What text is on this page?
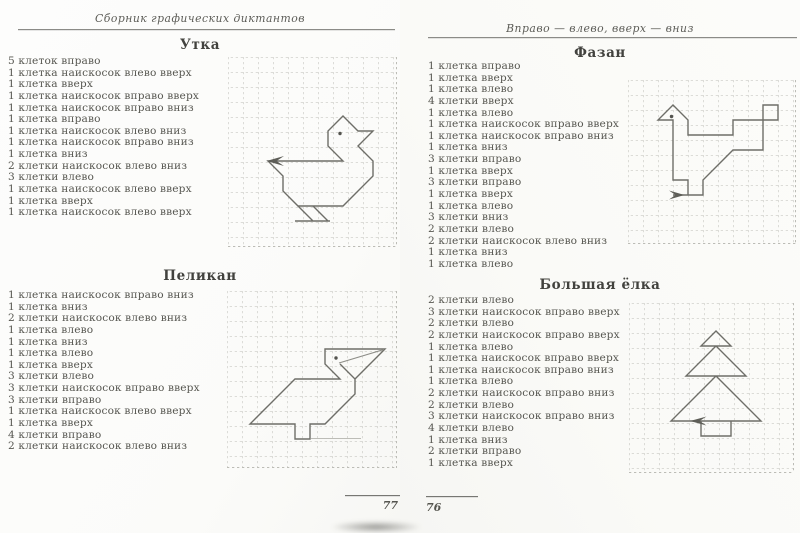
Сборник графических диктантов
Утка
5 клеток вправо
1 клетка наискосок влево вверх
1 клетка вверх
1 клетка наискосок вправо вверх
1 клетка наискосок вправо вниз
1 клетка вправо
1 клетка наискосок влево вниз
1 клетка наискосок вправо вниз
1 клетка вниз
2 клетки наискосок влево вниз
3 клетки влево
1 клетка наискосок влево вверх
1 клетка вверх
1 клетка наискосок влево вверх
Пеликан
1 клетка наискосок вправо вниз
1 клетка вниз
2 клетки наискосок влево вниз
1 клетка влево
1 клетка вниз
1 клетка влево
1 клетка вверх
3 клетки влево
3 клетки наискосок вправо вверх
3 клетки вправо
1 клетка наискосок влево вверх
1 клетка вверх
4 клетки вправо
2 клетки наискосок влево вниз
77
Вправо — влево, вверх — вниз
Фазан
1 клетка вправо
1 клетка вверх
1 клетка влево
4 клетки вверх
1 клетка влево
1 клетка наискосок вправо вверх
1 клетка наискосок вправо вниз
1 клетка вниз
3 клетки вправо
1 клетка вверх
3 клетки вправо
1 клетка вверх
1 клетка влево
3 клетки вниз
2 клетки влево
2 клетки наискосок влево вниз
1 клетка вниз
1 клетка влево
Большая ёлка
2 клетки влево
3 клетки наискосок вправо вверх
2 клетки влево
2 клетки наискосок вправо вверх
1 клетка влево
1 клетка наискосок вправо вверх
1 клетка наискосок вправо вниз
1 клетка влево
2 клетки наискосок вправо вниз
2 клетки влево
3 клетки наискосок вправо вниз
4 клетки влево
1 клетка вниз
2 клетки вправо
1 клетка вверх
76
